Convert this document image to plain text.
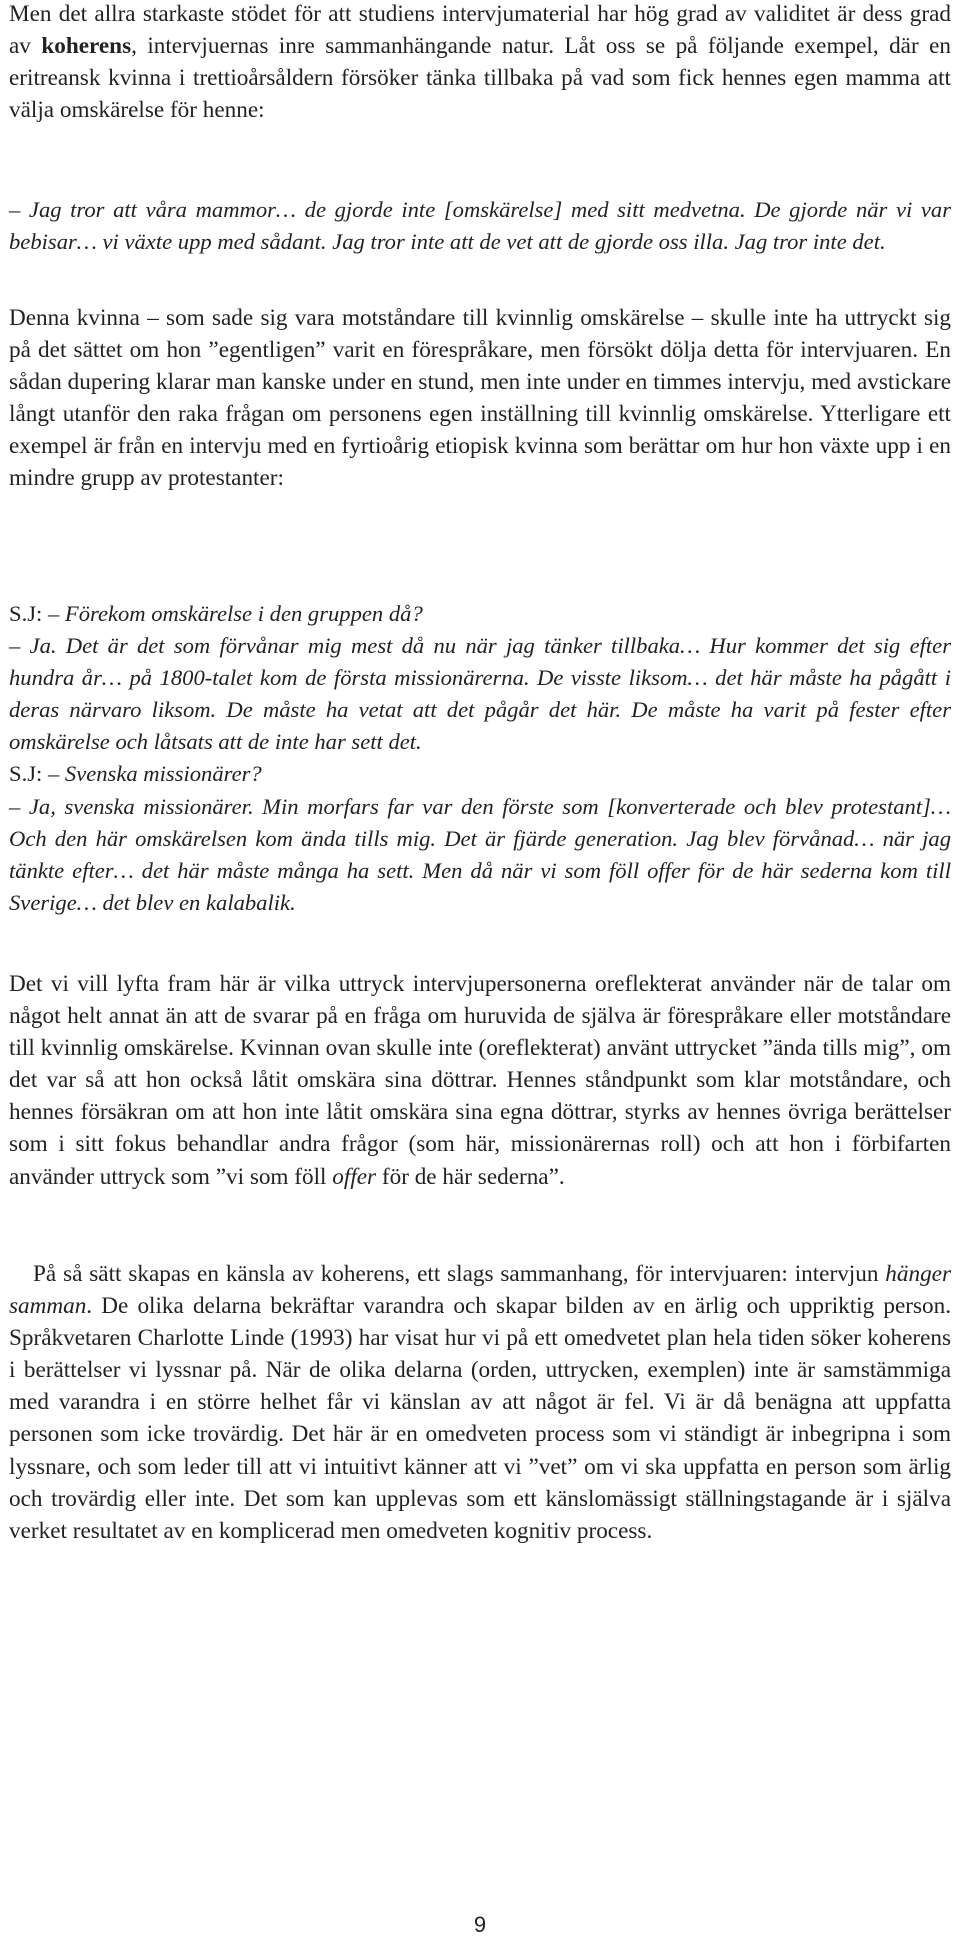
Men det allra starkaste stödet för att studiens intervjumaterial har hög grad av validitet är dess grad av koherens, intervjuernas inre sammanhängande natur. Låt oss se på följande exempel, där en eritreansk kvinna i trettioårsåldern försöker tänka tillbaka på vad som fick hennes egen mamma att välja omskärelse för henne:
– Jag tror att våra mammor… de gjorde inte [omskärelse] med sitt medvetna. De gjorde när vi var bebisar… vi växte upp med sådant. Jag tror inte att de vet att de gjorde oss illa. Jag tror inte det.
Denna kvinna – som sade sig vara motståndare till kvinnlig omskärelse – skulle inte ha uttryckt sig på det sättet om hon ”egentligen” varit en förespråkare, men försökt dölja detta för intervjuaren. En sådan dupering klarar man kanske under en stund, men inte under en timmes intervju, med avstickare långt utanför den raka frågan om personens egen inställning till kvinnlig omskärelse. Ytterligare ett exempel är från en intervju med en fyrtioårig etiopisk kvinna som berättar om hur hon växte upp i en mindre grupp av protestanter:
S.J: – Förekom omskärelse i den gruppen då?
– Ja. Det är det som förvånar mig mest då nu när jag tänker tillbaka… Hur kommer det sig efter hundra år… på 1800-talet kom de första missionärerna. De visste liksom… det här måste ha pågått i deras närvaro liksom. De måste ha vetat att det pågår det här. De måste ha varit på fester efter omskärelse och låtsats att de inte har sett det.
S.J: – Svenska missionärer?
– Ja, svenska missionärer. Min morfars far var den förste som [konverterade och blev protestant]… Och den här omskärelsen kom ända tills mig. Det är fjärde generation. Jag blev förvånad… när jag tänkte efter… det här måste många ha sett. Men då när vi som föll offer för de här sederna kom till Sverige… det blev en kalabalik.
Det vi vill lyfta fram här är vilka uttryck intervjupersonerna oreflekterat använder när de talar om något helt annat än att de svarar på en fråga om huruvida de själva är förespråkare eller motståndare till kvinnlig omskärelse. Kvinnan ovan skulle inte (oreflekterat) använt uttrycket ”ända tills mig”, om det var så att hon också låtit omskära sina döttrar. Hennes ståndpunkt som klar motståndare, och hennes försäkran om att hon inte låtit omskära sina egna döttrar, styrks av hennes övriga berättelser som i sitt fokus behandlar andra frågor (som här, missionärernas roll) och att hon i förbifarten använder uttryck som ”vi som föll offer för de här sederna”.
På så sätt skapas en känsla av koherens, ett slags sammanhang, för intervjuaren: intervjun hänger samman. De olika delarna bekräftar varandra och skapar bilden av en ärlig och uppriktig person. Språkvetaren Charlotte Linde (1993) har visat hur vi på ett omedvetet plan hela tiden söker koherens i berättelser vi lyssnar på. När de olika delarna (orden, uttrycken, exemplen) inte är samstämmiga med varandra i en större helhet får vi känslan av att något är fel. Vi är då benägna att uppfatta personen som icke trovärdig. Det här är en omedveten process som vi ständigt är inbegripna i som lyssnare, och som leder till att vi intuitivt känner att vi ”vet” om vi ska uppfatta en person som ärlig och trovärdig eller inte. Det som kan upplevas som ett känslomässigt ställningstagande är i själva verket resultatet av en komplicerad men omedveten kognitiv process.
9
